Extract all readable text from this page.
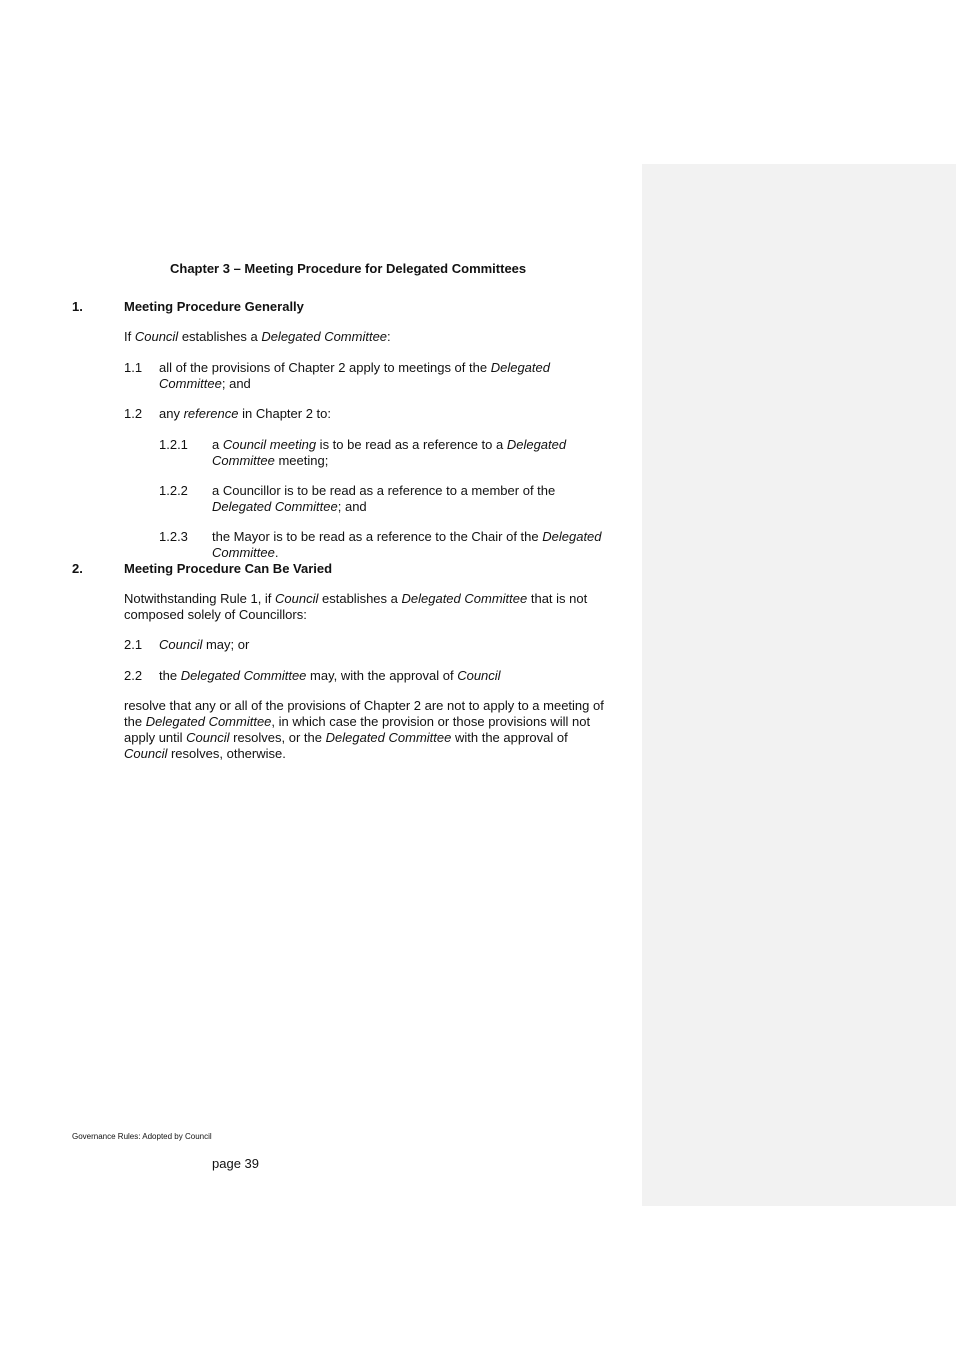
Chapter 3 – Meeting Procedure for Delegated Committees

1.	Meeting Procedure Generally

If Council establishes a Delegated Committee:

1.1 all of the provisions of Chapter 2 apply to meetings of the Delegated

Committee; and

1.2 any reference in Chapter 2 to:

1.2.1 a Council meeting is to be read as a reference to a Delegated

Committee meeting;

1.2.2 a Councillor is to be read as a reference to a member of the

Delegated Committee; and

1.2.3 the Mayor is to be read as a reference to the Chair of the Delegated

Committee.

2.	Meeting Procedure Can Be Varied

Notwithstanding Rule 1, if Council establishes a Delegated Committee that is not

composed solely of Councillors:

2.1 Council may; or

2.2 the Delegated Committee may, with the approval of Council

resolve that any or all of the provisions of Chapter 2 are not to apply to a meeting of

the Delegated Committee, in which case the provision or those provisions will not

apply until Council resolves, or the Delegated Committee with the approval of

Council resolves, otherwise.

Governance Rules: Adopted by Council

page 39
